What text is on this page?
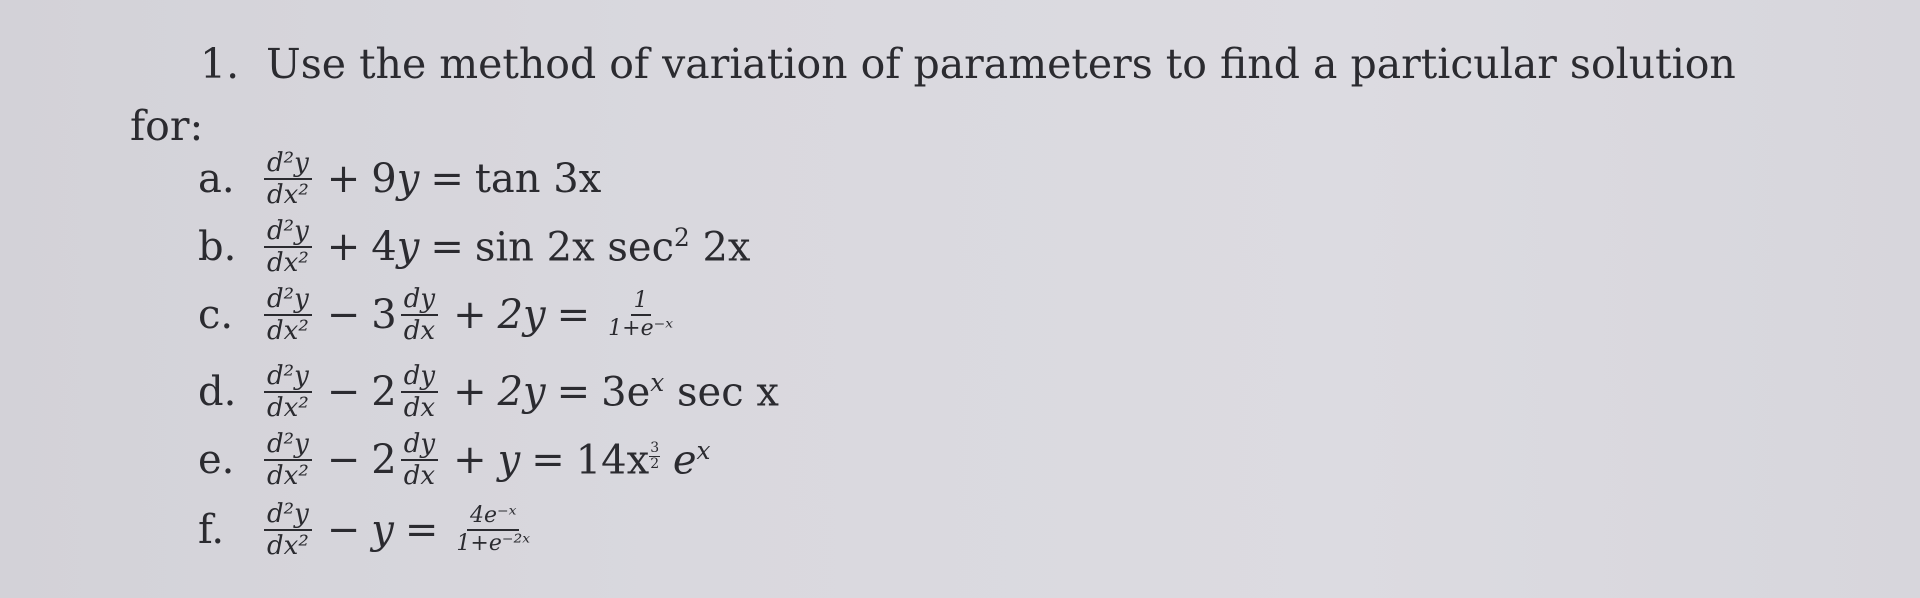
1. Use the method of variation of parameters to find a particular solution
for:
a.	$\frac{\text{d²y}}{\text{dx²}} + 9$ y = tan 3x
b.	$\frac{\text{d²y}}{\text{dx²}} + 4$ y = sin 2x $\sec^2 2x$
c.	$\frac{\text{d²y}}{\text{dx²}} - 3 \frac{dy}{dx} + 2y = \frac{1}{\text{1+e⁻ˣ}}$
d.	$\frac{\text{d²y}}{\text{dx²}} - 2 \frac{dy}{dx} + 2y = 3e^x$ sec x
e.	$\frac{\text{d²y}}{\text{dx²}} - 2 \frac{dy}{dx} + y = 14x \frac{3}{2} e^x$
f.	$\frac{\text{d²y}}{\text{dx²}} - y = \frac{\text{4e⁻ˣ}}{\text{1+e⁻²ˣ}}$
